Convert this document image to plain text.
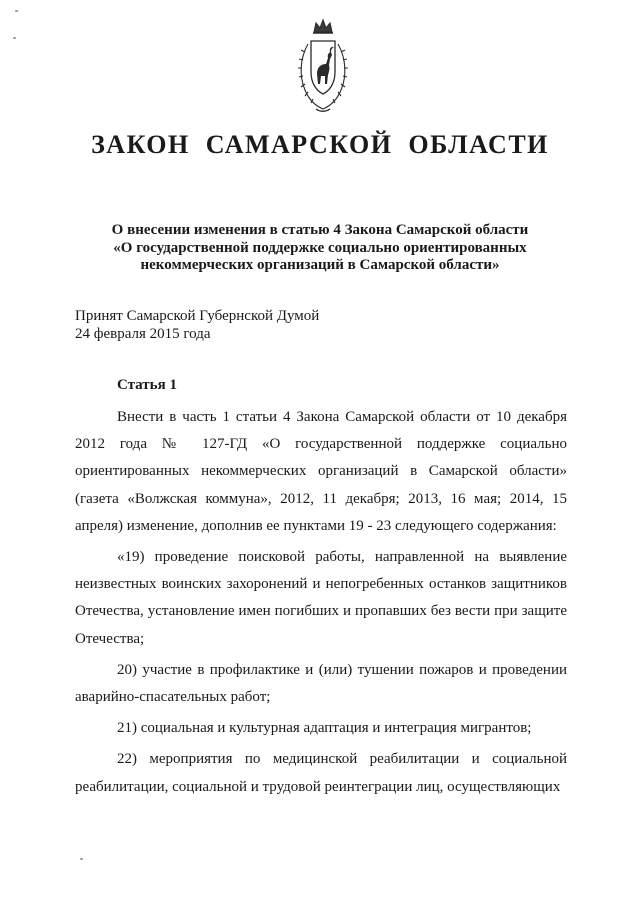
ЗАКОН САМАРСКОЙ ОБЛАСТИ
О внесении изменения в статью 4 Закона Самарской области
«О государственной поддержке социально ориентированных
некоммерческих организаций в Самарской области»
Принят Самарской Губернской Думой
24 февраля 2015 года
Статья 1

Внести в часть 1 статьи 4 Закона Самарской области от 10 декабря 2012 года № 127-ГД «О государственной поддержке социально ориентированных некоммерческих организаций в Самарской области» (газета «Волжская коммуна», 2012, 11 декабря; 2013, 16 мая; 2014, 15 апреля) изменение, дополнив ее пунктами 19 - 23 следующего содержания:

«19) проведение поисковой работы, направленной на выявление неизвестных воинских захоронений и непогребенных останков защитников Отечества, установление имен погибших и пропавших без вести при защите Отечества;

20) участие в профилактике и (или) тушении пожаров и проведении аварийно-спасательных работ;

21) социальная и культурная адаптация и интеграция мигрантов;

22) мероприятия по медицинской реабилитации и социальной реабилитации, социальной и трудовой реинтеграции лиц, осуществляющих
